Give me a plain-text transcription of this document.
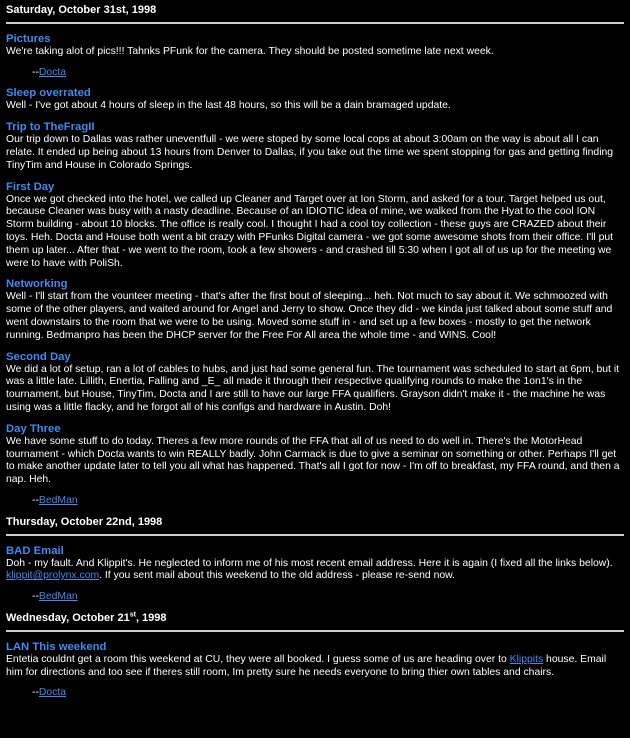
Saturday, October 31st, 1998
Pictures
We're taking alot of pics!!! Tahnks PFunk for the camera. They should be posted sometime late next week.
--Docta
Sleep overrated
Well - I've got about 4 hours of sleep in the last 48 hours, so this will be a dain bramaged update.
Trip to TheFragII
Our trip down to Dallas was rather uneventfull - we were stoped by some local cops at about 3:00am on the way is about all I can relate. It ended up being about 13 hours from Denver to Dallas, if you take out the time we spent stopping for gas and getting finding TinyTim and House in Colorado Springs.
First Day
Once we got checked into the hotel, we called up Cleaner and Target over at Ion Storm, and asked for a tour. Target helped us out, because Cleaner was busy with a nasty deadline. Because of an IDIOTIC idea of mine, we walked from the Hyat to the cool ION Storm building - about 10 blocks. The office is really cool. I thought I had a cool toy collection - these guys are CRAZED about their toys. Heh. Docta and House both went a bit crazy with PFunks Digital camera - we got some awesome shots from their office. I'll put them up later... After that - we went to the room, took a few showers - and crashed till 5:30 when I got all of us up for the meeting we were to have with PoliSh.
Networking
Well - I'll start from the vounteer meeting - that's after the first bout of sleeping... heh. Not much to say about it. We schmoozed with some of the other players, and waited around for Angel and Jerry to show. Once they did - we kinda just talked about some stuff and went downstairs to the room that we were to be using. Moved some stuff in - and set up a few boxes - mostly to get the network running. Bedmanpro has been the DHCP server for the Free For All area the whole time - and WINS. Cool!
Second Day
We did a lot of setup, ran a lot of cables to hubs, and just had some general fun. The tournament was scheduled to start at 6pm, but it was a little late. Lillith, Enertia, Falling and _E_ all made it through their respective qualifying rounds to make the 1on1's in the tournament, but House, TinyTim, Docta and I are still to have our large FFA qualifiers. Grayson didn't make it - the machine he was using was a little flacky, and he forgot all of his configs and hardware in Austin. Doh!
Day Three
We have some stuff to do today. Theres a few more rounds of the FFA that all of us need to do well in. There's the MotorHead tournament - which Docta wants to win REALLY badly. John Carmack is due to give a seminar on something or other. Perhaps I'll get to make another update later to tell you all what has happened. That's all I got for now - I'm off to breakfast, my FFA round, and then a nap. Heh.
--BedMan
Thursday, October 22nd, 1998
BAD Email
Doh - my fault. And Klippit's. He neglected to inform me of his most recent email address. Here it is again (I fixed all the links below). klippit@prolynx.com. If you sent mail about this weekend to the old address - please re-send now.
--BedMan
Wednesday, October 21st, 1998
LAN This weekend
Entetia couldnt get a room this weekend at CU, they were all booked. I guess some of us are heading over to Klippits house. Email him for directions and too see if theres still room, Im pretty sure he needs everyone to bring thier own tables and chairs.
--Docta
